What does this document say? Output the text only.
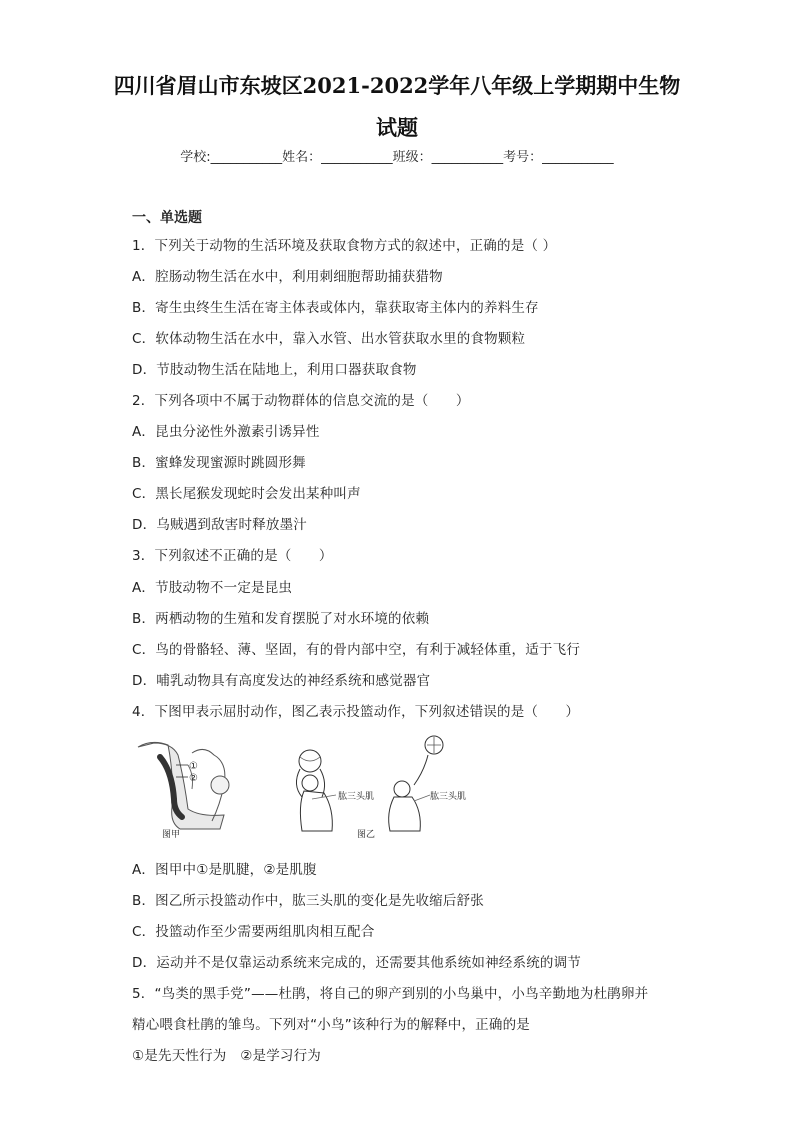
四川省眉山市东坡区2021-2022学年八年级上学期期中生物
试题
学校:___________姓名：___________班级：___________考号：___________
一、单选题
1．下列关于动物的生活环境及获取食物方式的叙述中，正确的是（ ）
A．腔肠动物生活在水中，利用刺细胞帮助捕获猎物
B．寄生虫终生生活在寄主体表或体内，靠获取寄主体内的养料生存
C．软体动物生活在水中，靠入水管、出水管获取水里的食物颗粒
D．节肢动物生活在陆地上，利用口器获取食物
2．下列各项中不属于动物群体的信息交流的是（　　）
A．昆虫分泌性外激素引诱异性
B．蜜蜂发现蜜源时跳圆形舞
C．黑长尾猴发现蛇时会发出某种叫声
D．乌贼遇到敌害时释放墨汁
3．下列叙述不正确的是（　　）
A．节肢动物不一定是昆虫
B．两栖动物的生殖和发育摆脱了对水环境的依赖
C．鸟的骨骼轻、薄、坚固，有的骨内部中空，有利于减轻体重，适于飞行
D．哺乳动物具有高度发达的神经系统和感觉器官
4．下图甲表示屈肘动作，图乙表示投篮动作，下列叙述错误的是（　　）
①
②
图甲
肱三头肌	肱三头肌
图乙
A．图甲中①是肌腱，②是肌腹
B．图乙所示投篮动作中，肱三头肌的变化是先收缩后舒张
C．投篮动作至少需要两组肌肉相互配合
D．运动并不是仅靠运动系统来完成的，还需要其他系统如神经系统的调节
5．“鸟类的黑手党”——杜鹃，将自己的卵产到别的小鸟巢中，小鸟辛勤地为杜鹃卵并
精心喂食杜鹃的雏鸟。下列对“小鸟”该种行为的解释中，正确的是
①是先天性行为　②是学习行为
